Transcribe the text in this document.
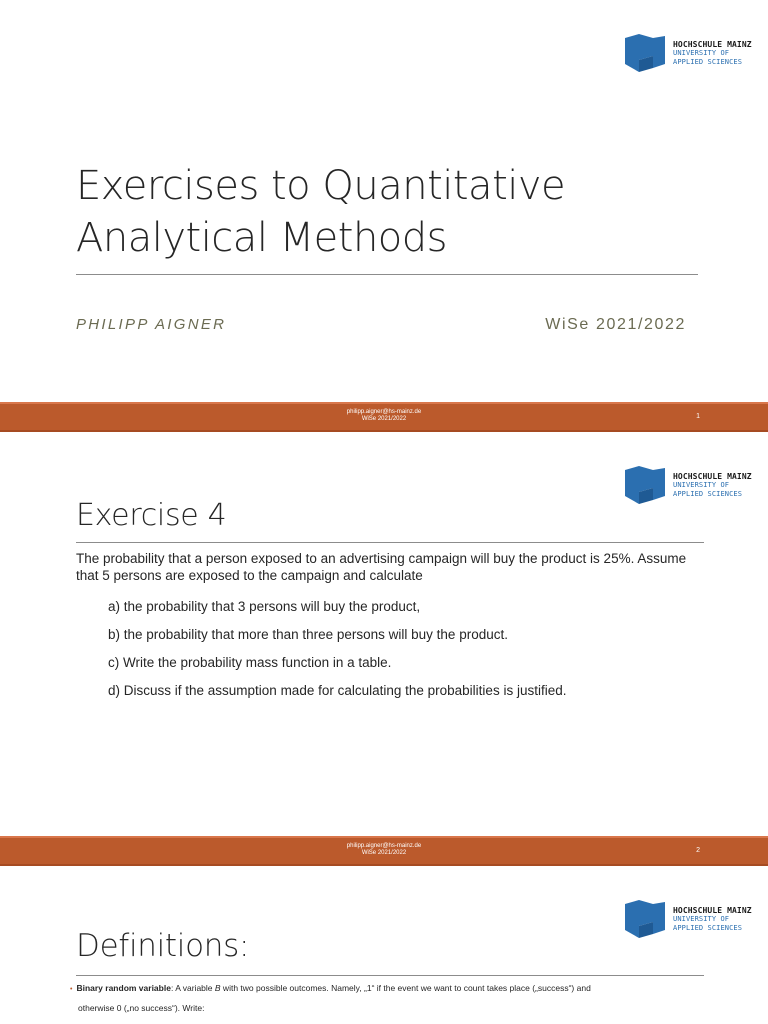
HOCHSCHULE MAINZ
UNIVERSITY OF
APPLIED SCIENCES
Exercises to Quantitative
Analytical Methods
PHILIPP AIGNER	WiSe 2021/2022
philipp.aigner@hs-mainz.de
WiSe 2021/2022	1
HOCHSCHULE MAINZ
UNIVERSITY OF
APPLIED SCIENCES
Exercise 4
The probability that a person exposed to an advertising campaign will buy the product is 25%. Assume that 5 persons are exposed to the campaign and calculate
a) the probability that 3 persons will buy the product,
b) the probability that more than three persons will buy the product.
c) Write the probability mass function in a table.
d) Discuss if the assumption made for calculating the probabilities is justified.
philipp.aigner@hs-mainz.de
WiSe 2021/2022	2
HOCHSCHULE MAINZ
UNIVERSITY OF
APPLIED SCIENCES
Definitions:
• Binary random variable: A variable B with two possible outcomes. Namely, „1“ if the event we want to count takes place („success“) and
otherwise 0 („no success“). Write:
